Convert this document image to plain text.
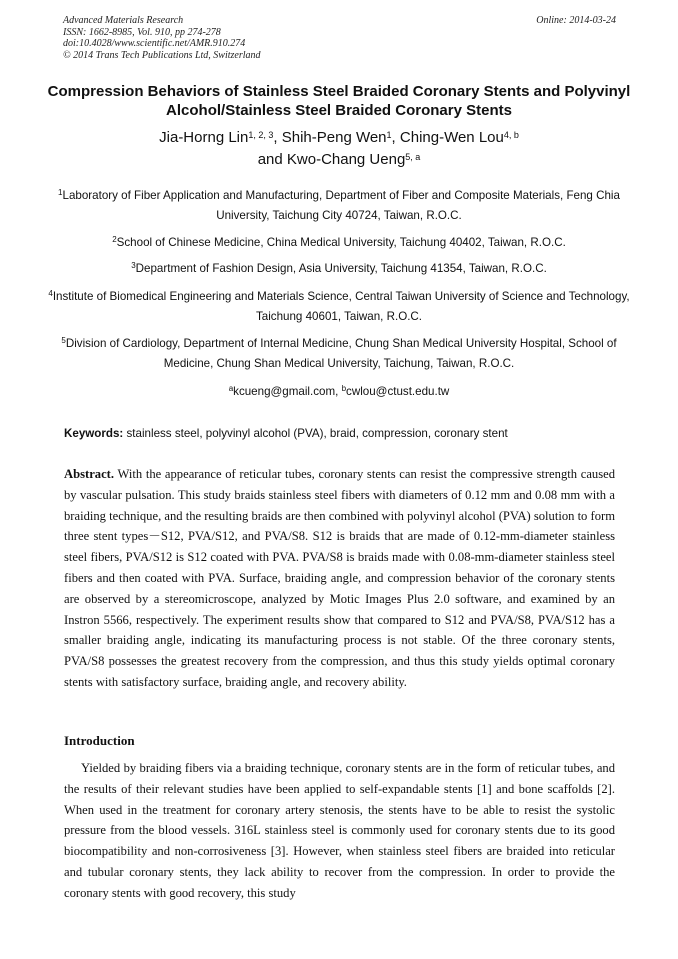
Advanced Materials Research
ISSN: 1662-8985, Vol. 910, pp 274-278
doi:10.4028/www.scientific.net/AMR.910.274
© 2014 Trans Tech Publications Ltd, Switzerland
Online: 2014-03-24
Compression Behaviors of Stainless Steel Braided Coronary Stents and Polyvinyl Alcohol/Stainless Steel Braided Coronary Stents
Jia-Horng Lin$^{1, 2, 3}$, Shih-Peng Wen$^1$, Ching-Wen Lou$^{4, b}$
and Kwo-Chang Ueng$^{5, a}$
$^1$Laboratory of Fiber Application and Manufacturing, Department of Fiber and Composite Materials, Feng Chia University, Taichung City 40724, Taiwan, R.O.C.
$^2$School of Chinese Medicine, China Medical University, Taichung 40402, Taiwan, R.O.C.
$^3$Department of Fashion Design, Asia University, Taichung 41354, Taiwan, R.O.C.
$^4$Institute of Biomedical Engineering and Materials Science, Central Taiwan University of Science and Technology, Taichung 40601, Taiwan, R.O.C.
$^5$Division of Cardiology, Department of Internal Medicine, Chung Shan Medical University Hospital, School of Medicine, Chung Shan Medical University, Taichung, Taiwan, R.O.C.
$^a$kcueng@gmail.com, $^b$cwlou@ctust.edu.tw
Keywords: stainless steel, polyvinyl alcohol (PVA), braid, compression, coronary stent
Abstract. With the appearance of reticular tubes, coronary stents can resist the compressive strength caused by vascular pulsation. This study braids stainless steel fibers with diameters of 0.12 mm and 0.08 mm with a braiding technique, and the resulting braids are then combined with polyvinyl alcohol (PVA) solution to form three stent types－S12, PVA/S12, and PVA/S8. S12 is braids that are made of 0.12-mm-diameter stainless steel fibers, PVA/S12 is S12 coated with PVA. PVA/S8 is braids made with 0.08-mm-diameter stainless steel fibers and then coated with PVA. Surface, braiding angle, and compression behavior of the coronary stents are observed by a stereomicroscope, analyzed by Motic Images Plus 2.0 software, and examined by an Instron 5566, respectively. The experiment results show that compared to S12 and PVA/S8, PVA/S12 has a smaller braiding angle, indicating its manufacturing process is not stable. Of the three coronary stents, PVA/S8 possesses the greatest recovery from the compression, and thus this study yields optimal coronary stents with satisfactory surface, braiding angle, and recovery ability.
Introduction
Yielded by braiding fibers via a braiding technique, coronary stents are in the form of reticular tubes, and the results of their relevant studies have been applied to self-expandable stents [1] and bone scaffolds [2]. When used in the treatment for coronary artery stenosis, the stents have to be able to resist the systolic pressure from the blood vessels. 316L stainless steel is commonly used for coronary stents due to its good biocompatibility and non-corrosiveness [3]. However, when stainless steel fibers are braided into reticular and tubular coronary stents, they lack ability to recover from the compression. In order to provide the coronary stents with good recovery, this study
